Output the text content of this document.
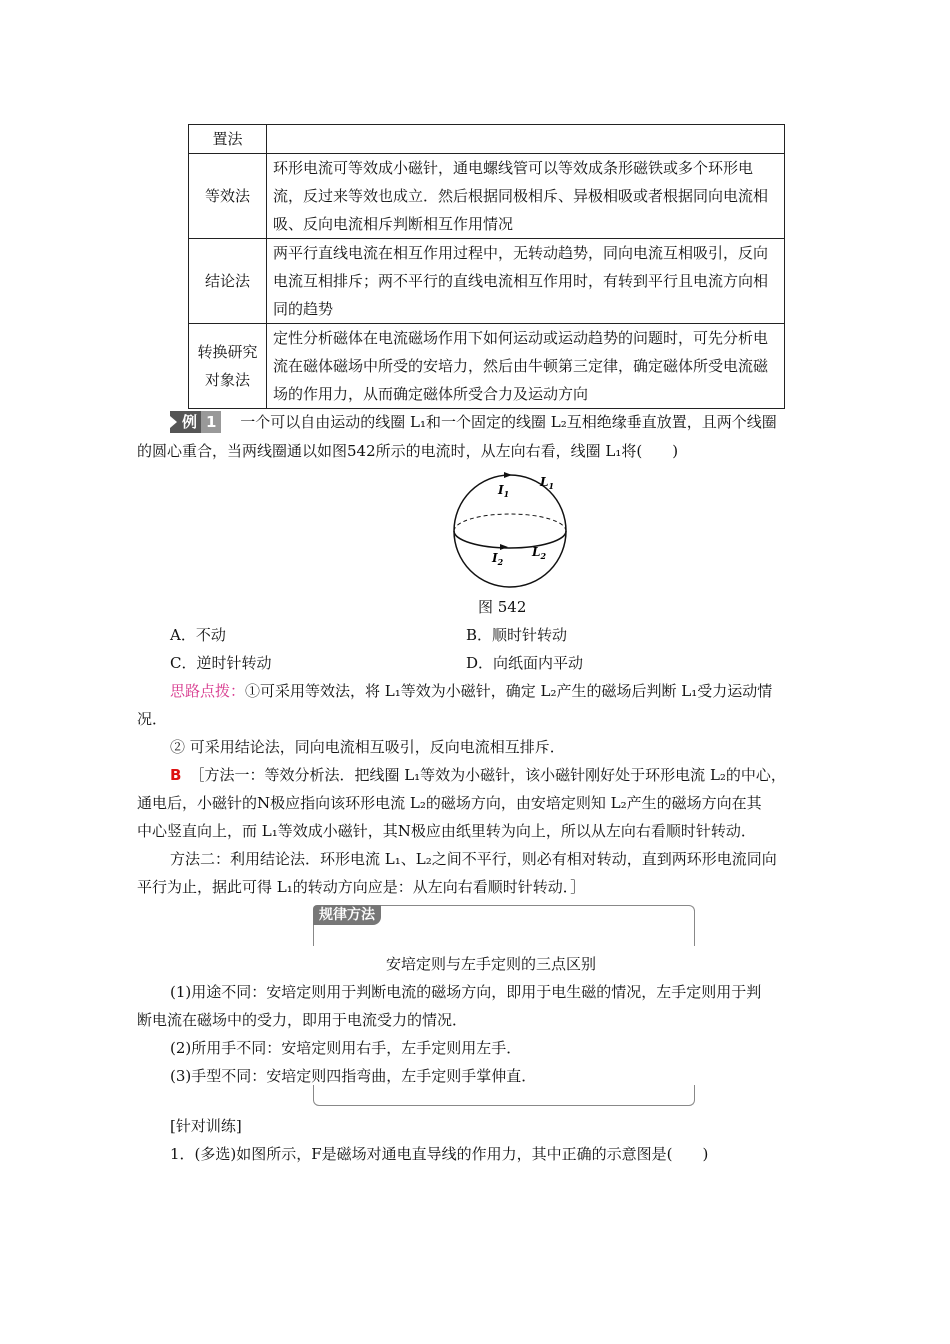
置法	
等效法	环形电流可等效成小磁针，通电螺线管可以等效成条形磁铁或多个环形电流，反过来等效也成立．然后根据同极相斥、异极相吸或者根据同向电流相吸、反向电流相斥判断相互作用情况
结论法	两平行直线电流在相互作用过程中，无转动趋势，同向电流互相吸引，反向电流互相排斥；两不平行的直线电流相互作用时，有转到平行且电流方向相同的趋势
转换研究对象法	定性分析磁体在电流磁场作用下如何运动或运动趋势的问题时，可先分析电流在磁体磁场中所受的安培力，然后由牛顿第三定律，确定磁体所受电流磁场的作用力，从而确定磁体所受合力及运动方向
例 1 一个可以自由运动的线圈 L₁和一个固定的线圈 L₂互相绝缘垂直放置，且两个线圈
的圆心重合，当两线圈通以如图542所示的电流时，从左向右看，线圈 L₁将(　　)
$I_1$
$L_1$
$I_2$
$L_2$
图 542
A．不动	B．顺时针转动
C．逆时针转动	D．向纸面内平动
思路点拨：①可采用等效法，将 L₁等效为小磁针，确定 L₂产生的磁场后判断 L₁受力运动情
况．
② 可采用结论法，同向电流相互吸引，反向电流相互排斥．
B ［方法一：等效分析法．把线圈 L₁等效为小磁针，该小磁针刚好处于环形电流 L₂的中心，
通电后，小磁针的N极应指向该环形电流 L₂的磁场方向，由安培定则知 L₂产生的磁场方向在其
中心竖直向上，而 L₁等效成小磁针，其N极应由纸里转为向上，所以从左向右看顺时针转动．
方法二：利用结论法．环形电流 L₁、L₂之间不平行，则必有相对转动，直到两环形电流同向
平行为止，据此可得 L₁的转动方向应是：从左向右看顺时针转动．］
规律方法
安培定则与左手定则的三点区别
(1)用途不同：安培定则用于判断电流的磁场方向，即用于电生磁的情况，左手定则用于判
断电流在磁场中的受力，即用于电流受力的情况．
(2)所用手不同：安培定则用右手，左手定则用左手．
(3)手型不同：安培定则四指弯曲，左手定则手掌伸直．
[针对训练]
1．(多选)如图所示，F是磁场对通电直导线的作用力，其中正确的示意图是(　　)
